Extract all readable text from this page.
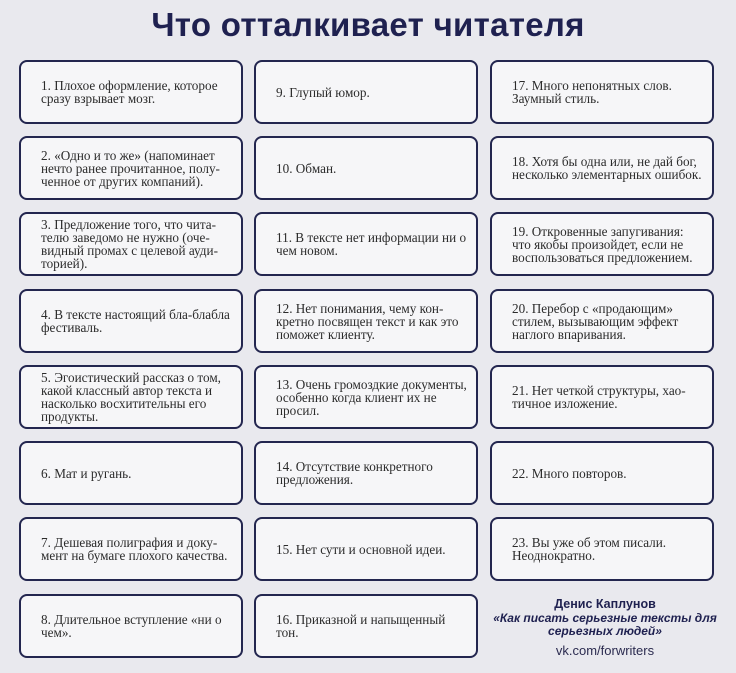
Что отталкивает читателя
1. Плохое оформление, которое сразу взрывает мозг.
2. «Одно и то же» (напоминает нечто ранее прочитанное, полученное от других компаний).
3. Предложение того, что читателю заведомо не нужно (очевидный промах с целевой аудиторией).
4. В тексте настоящий бла-блабла фестиваль.
5. Эгоистический рассказ о том, какой классный автор текста и насколько восхитительны его продукты.
6. Мат и ругань.
7. Дешевая полиграфия и документ на бумаге плохого качества.
8. Длительное вступление «ни о чем».
9. Глупый юмор.
10. Обман.
11. В тексте нет информации ни о чем новом.
12. Нет понимания, чему конкретно посвящен текст и как это поможет клиенту.
13. Очень громоздкие документы, особенно когда клиент их не просил.
14. Отсутствие конкретного предложения.
15. Нет сути и основной идеи.
16. Приказной и напыщенный тон.
17. Много непонятных слов. Заумный стиль.
18. Хотя бы одна или, не дай бог, несколько элементарных ошибок.
19. Откровенные запугивания: что якобы произойдет, если не воспользоваться предложением.
20. Перебор с «продающим» стилем, вызывающим эффект наглого впаривания.
21. Нет четкой структуры, хаотичное изложение.
22. Много повторов.
23. Вы уже об этом писали. Неоднократно.
Денис Каплунов
«Как писать серьезные тексты для серьезных людей»
vk.com/forwriters
